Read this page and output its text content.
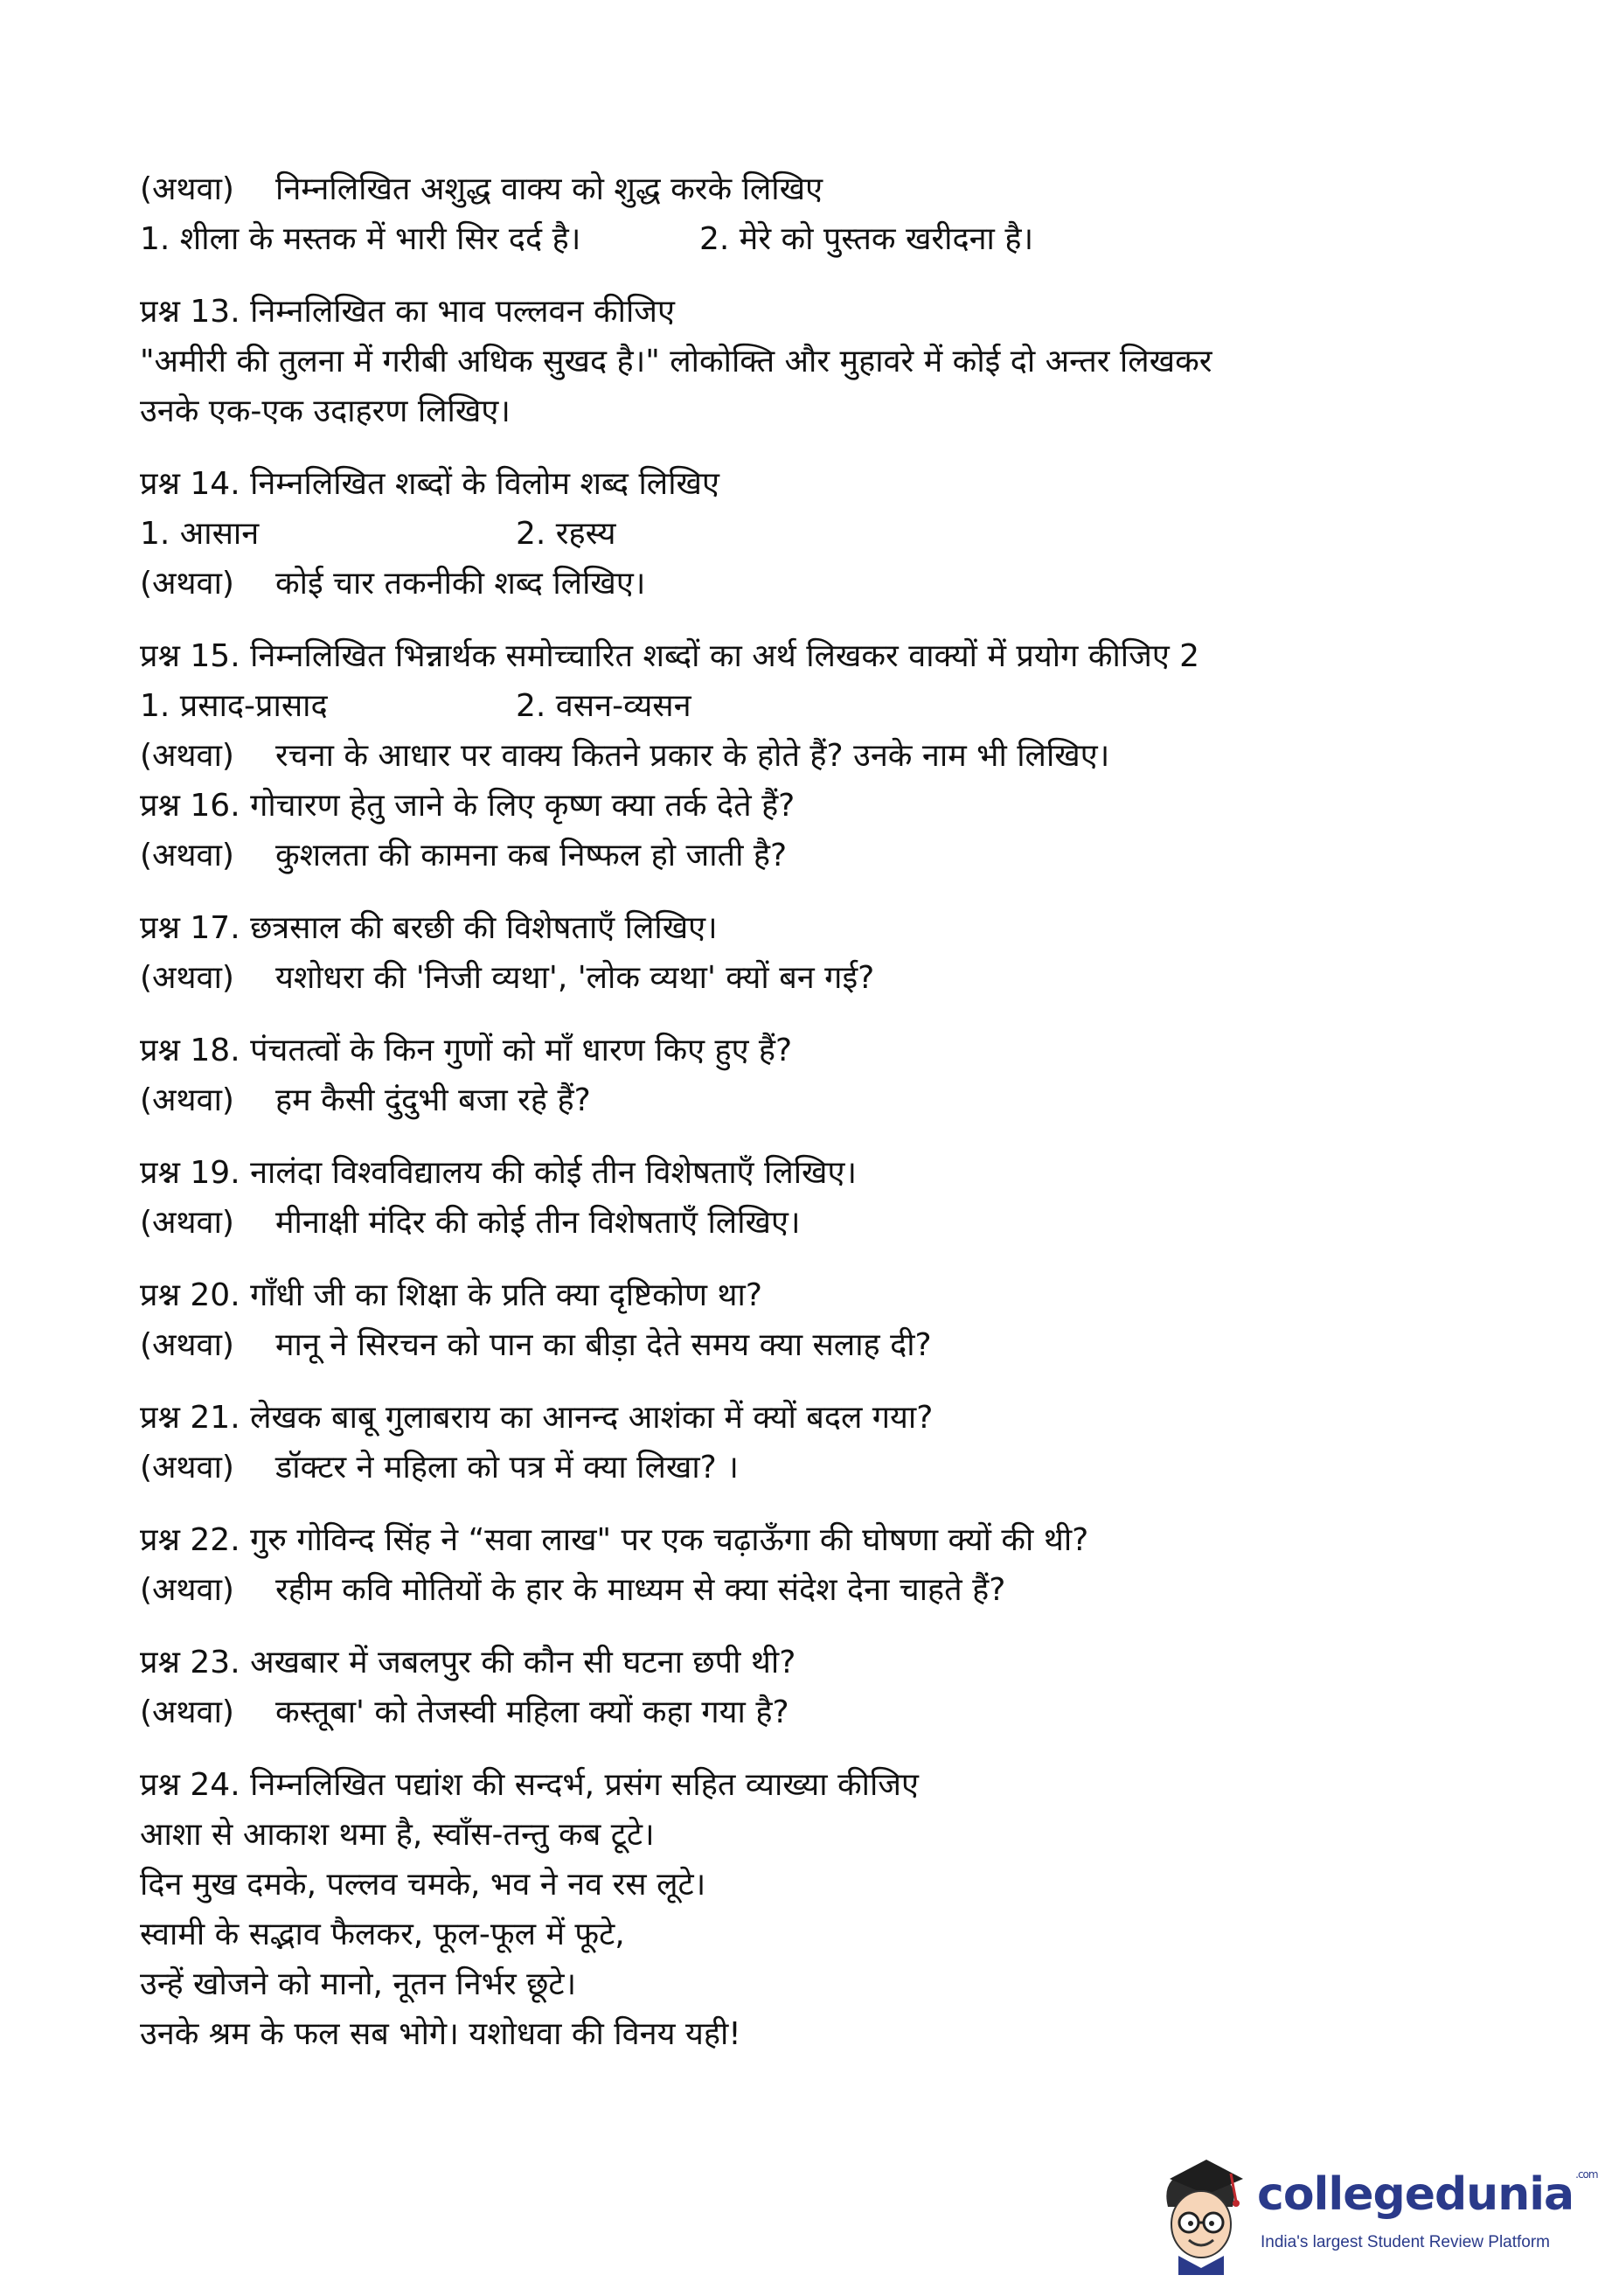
(अथवा) निम्नलिखित अशुद्ध वाक्य को शुद्ध करके लिखिए
1. शीला के मस्तक में भारी सिर दर्द है।	2. मेरे को पुस्तक खरीदना है।
प्रश्न 13. निम्नलिखित का भाव पल्लवन कीजिए
"अमीरी की तुलना में गरीबी अधिक सुखद है।" लोकोक्ति और मुहावरे में कोई दो अन्तर लिखकर
उनके एक-एक उदाहरण लिखिए।
प्रश्न 14. निम्नलिखित शब्दों के विलोम शब्द लिखिए
1. आसान	2. रहस्य
(अथवा) कोई चार तकनीकी शब्द लिखिए।
प्रश्न 15. निम्नलिखित भिन्नार्थक समोच्चारित शब्दों का अर्थ लिखकर वाक्यों में प्रयोग कीजिए 2
1. प्रसाद-प्रासाद	2. वसन-व्यसन
(अथवा) रचना के आधार पर वाक्य कितने प्रकार के होते हैं? उनके नाम भी लिखिए।
प्रश्न 16. गोचारण हेतु जाने के लिए कृष्ण क्या तर्क देते हैं?
(अथवा) कुशलता की कामना कब निष्फल हो जाती है?
प्रश्न 17. छत्रसाल की बरछी की विशेषताएँ लिखिए।
(अथवा) यशोधरा की 'निजी व्यथा', 'लोक व्यथा' क्यों बन गई?
प्रश्न 18. पंचतत्वों के किन गुणों को माँ धारण किए हुए हैं?
(अथवा) हम कैसी दुंदुभी बजा रहे हैं?
प्रश्न 19. नालंदा विश्वविद्यालय की कोई तीन विशेषताएँ लिखिए।
(अथवा) मीनाक्षी मंदिर की कोई तीन विशेषताएँ लिखिए।
प्रश्न 20. गाँधी जी का शिक्षा के प्रति क्या दृष्टिकोण था?
(अथवा) मानू ने सिरचन को पान का बीड़ा देते समय क्या सलाह दी?
प्रश्न 21. लेखक बाबू गुलाबराय का आनन्द आशंका में क्यों बदल गया?
(अथवा) डॉक्टर ने महिला को पत्र में क्या लिखा? ।
प्रश्न 22. गुरु गोविन्द सिंह ने “सवा लाख" पर एक चढ़ाऊँगा की घोषणा क्यों की थी?
(अथवा) रहीम कवि मोतियों के हार के माध्यम से क्या संदेश देना चाहते हैं?
प्रश्न 23. अखबार में जबलपुर की कौन सी घटना छपी थी?
(अथवा) कस्तूबा' को तेजस्वी महिला क्यों कहा गया है?
प्रश्न 24. निम्नलिखित पद्यांश की सन्दर्भ, प्रसंग सहित व्याख्या कीजिए
आशा से आकाश थमा है, स्वाँस-तन्तु कब टूटे।
दिन मुख दमके, पल्लव चमके, भव ने नव रस लूटे।
स्वामी के सद्भाव फैलकर, फूल-फूल में फूटे,
उन्हें खोजने को मानो, नूतन निर्भर छूटे।
उनके श्रम के फल सब भोगे। यशोधवा की विनय यही!
collegedunia $^{.com}$
India's largest Student Review Platform
